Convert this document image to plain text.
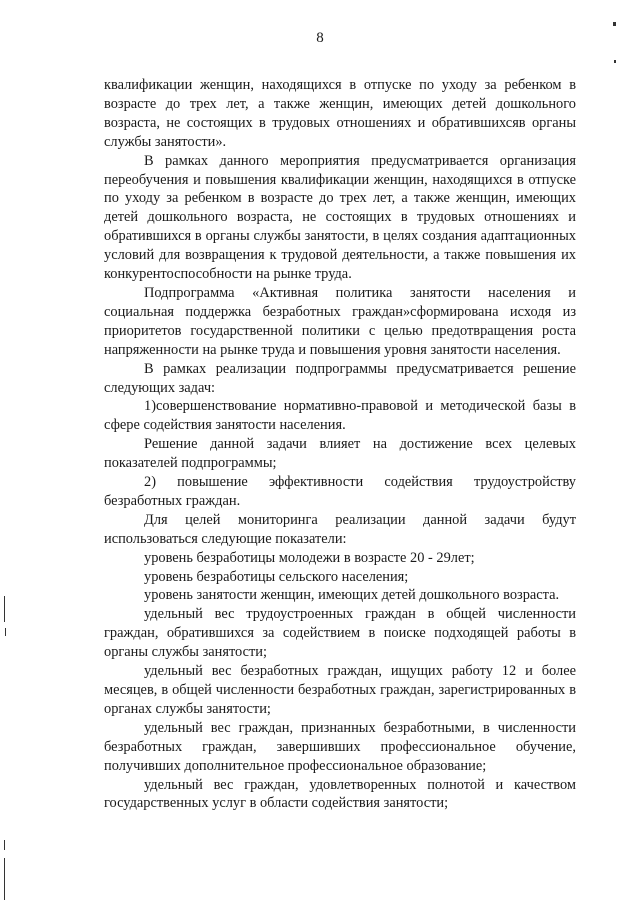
8

квалификации женщин, находящихся в отпуске по уходу за ребенком в возрасте до трех лет, а также женщин, имеющих детей дошкольного возраста, не состоящих в трудовых отношениях и обратившихсяв органы службы занятости».

В рамках данного мероприятия предусматривается организация переобучения и повышения квалификации женщин, находящихся в отпуске по уходу за ребенком в возрасте до трех лет, а также женщин, имеющих детей дошкольного возраста, не состоящих в трудовых отношениях и обратившихся в органы службы занятости, в целях создания адаптационных условий для возвращения к трудовой деятельности, а также повышения их конкурентоспособности на рынке труда.

Подпрограмма «Активная политика занятости населения и социальная поддержка безработных граждан»сформирована исходя из приоритетов государственной политики с целью предотвращения роста напряженности на рынке труда и повышения уровня занятости населения.

В рамках реализации подпрограммы предусматривается решение следующих задач:

1)совершенствование нормативно-правовой и методической базы в сфере содействия занятости населения.

Решение данной задачи влияет на достижение всех целевых показателей подпрограммы;

2) повышение эффективности содействия трудоустройству безработных граждан.

Для целей мониторинга реализации данной задачи будут использоваться следующие показатели:

уровень безработицы молодежи в возрасте 20 - 29лет;

уровень безработицы сельского населения;

уровень занятости женщин, имеющих детей дошкольного возраста.

удельный вес трудоустроенных граждан в общей численности граждан, обратившихся за содействием в поиске подходящей работы в органы службы занятости;

удельный вес безработных граждан, ищущих работу 12 и более месяцев, в общей численности безработных граждан, зарегистрированных в органах службы занятости;

удельный вес граждан, признанных безработными, в численности безработных граждан, завершивших профессиональное обучение, получивших дополнительное профессиональное образование;

удельный вес граждан, удовлетворенных полнотой и качеством государственных услуг в области содействия занятости;
